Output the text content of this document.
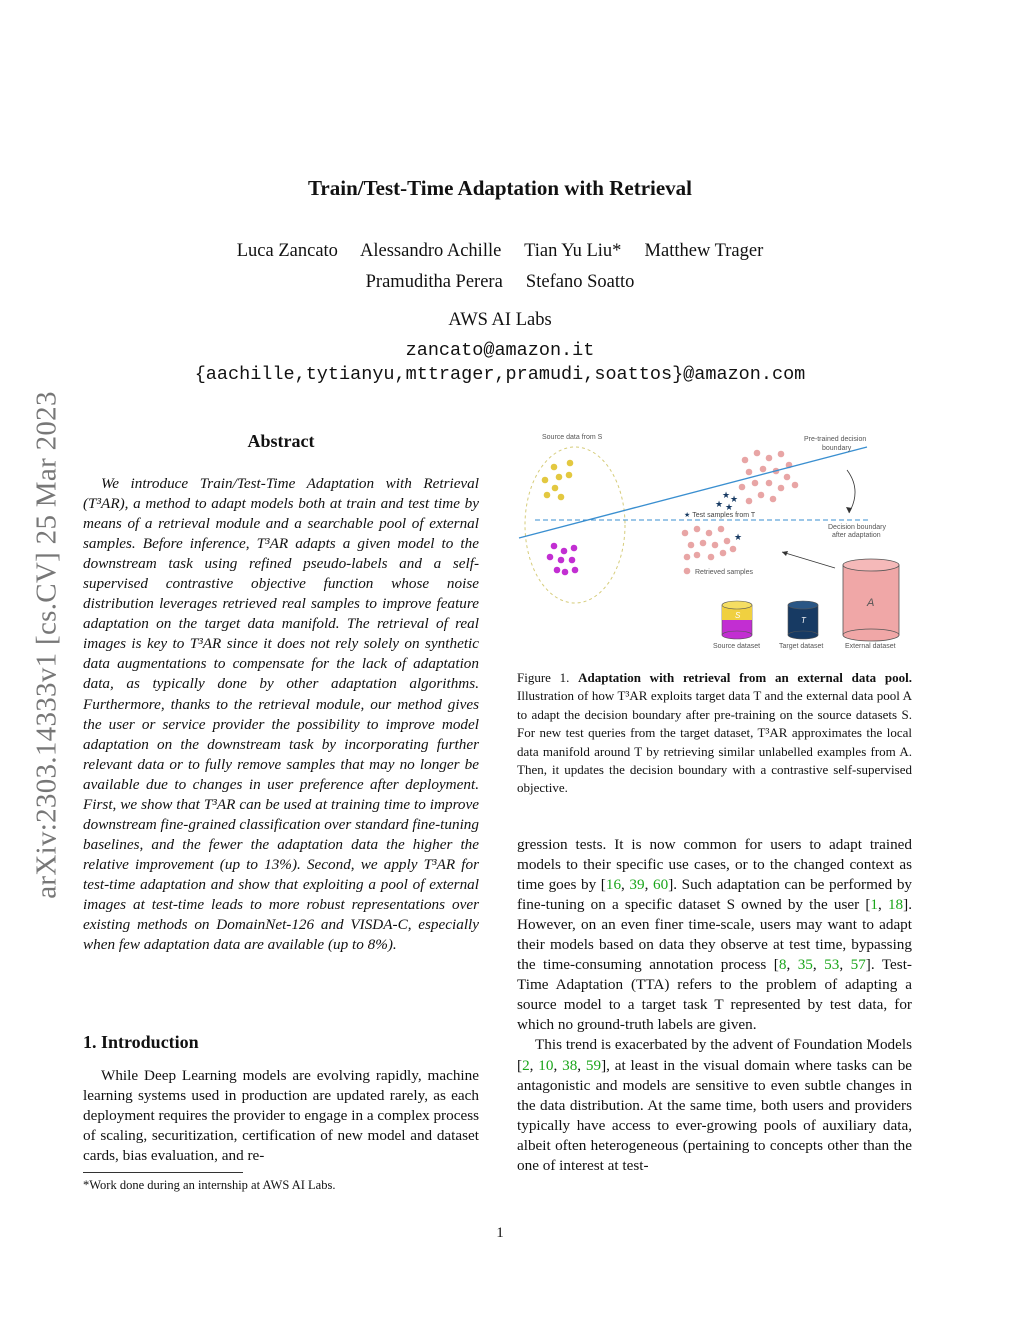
arXiv:2303.14333v1 [cs.CV] 25 Mar 2023
Train/Test-Time Adaptation with Retrieval
Luca Zancato     Alessandro Achille     Tian Yu Liu*     Matthew Trager
Pramuditha Perera     Stefano Soatto
AWS AI Labs
zancato@amazon.it
{aachille,tytianyu,mttrager,pramudi,soattos}@amazon.com
Abstract

We introduce Train/Test-Time Adaptation with Retrieval (T³AR), a method to adapt models both at train and test time by means of a retrieval module and a searchable pool of external samples. Before inference, T³AR adapts a given model to the downstream task using refined pseudo-labels and a self-supervised contrastive objective function whose noise distribution leverages retrieved real samples to improve feature adaptation on the target data manifold. The retrieval of real images is key to T³AR since it does not rely solely on synthetic data augmentations to compensate for the lack of adaptation data, as typically done by other adaptation algorithms. Furthermore, thanks to the retrieval module, our method gives the user or service provider the possibility to improve model adaptation on the downstream task by incorporating further relevant data or to fully remove samples that may no longer be available due to changes in user preference after deployment. First, we show that T³AR can be used at training time to improve downstream fine-grained classification over standard fine-tuning baselines, and the fewer the adaptation data the higher the relative improvement (up to 13%). Second, we apply T³AR for test-time adaptation and show that exploiting a pool of external images at test-time leads to more robust representations over existing methods on DomainNet-126 and VISDA-C, especially when few adaptation data are available (up to 8%).

1. Introduction

While Deep Learning models are evolving rapidly, machine learning systems used in production are updated rarely, as each deployment requires the provider to engage in a complex process of scaling, securitization, certification of new model and dataset cards, bias evaluation, and re-

*Work done during an internship at AWS AI Labs.
Source data from S
★ ★
★ ★
★
★ Test samples from T
Pre-trained decision
boundary
Decision boundary
after adaptation
Retrieved samples
A
S
T
Source dataset	Target dataset	External dataset
Figure 1. Adaptation with retrieval from an external data pool. Illustration of how T³AR exploits target data T and the external data pool A to adapt the decision boundary after pre-training on the source datasets S. For new test queries from the target dataset, T³AR approximates the local data manifold around T by retrieving similar unlabelled examples from A. Then, it updates the decision boundary with a contrastive self-supervised objective.

gression tests. It is now common for users to adapt trained models to their specific use cases, or to the changed context as time goes by [16, 39, 60]. Such adaptation can be performed by fine-tuning on a specific dataset S owned by the user [1, 18]. However, on an even finer time-scale, users may want to adapt their models based on data they observe at test time, bypassing the time-consuming annotation process [8, 35, 53, 57]. Test-Time Adaptation (TTA) refers to the problem of adapting a source model to a target task T represented by test data, for which no ground-truth labels are given.

This trend is exacerbated by the advent of Foundation Models [2, 10, 38, 59], at least in the visual domain where tasks can be antagonistic and models are sensitive to even subtle changes in the data distribution. At the same time, both users and providers typically have access to ever-growing pools of auxiliary data, albeit often heterogeneous (pertaining to concepts other than the one of interest at test-

1
